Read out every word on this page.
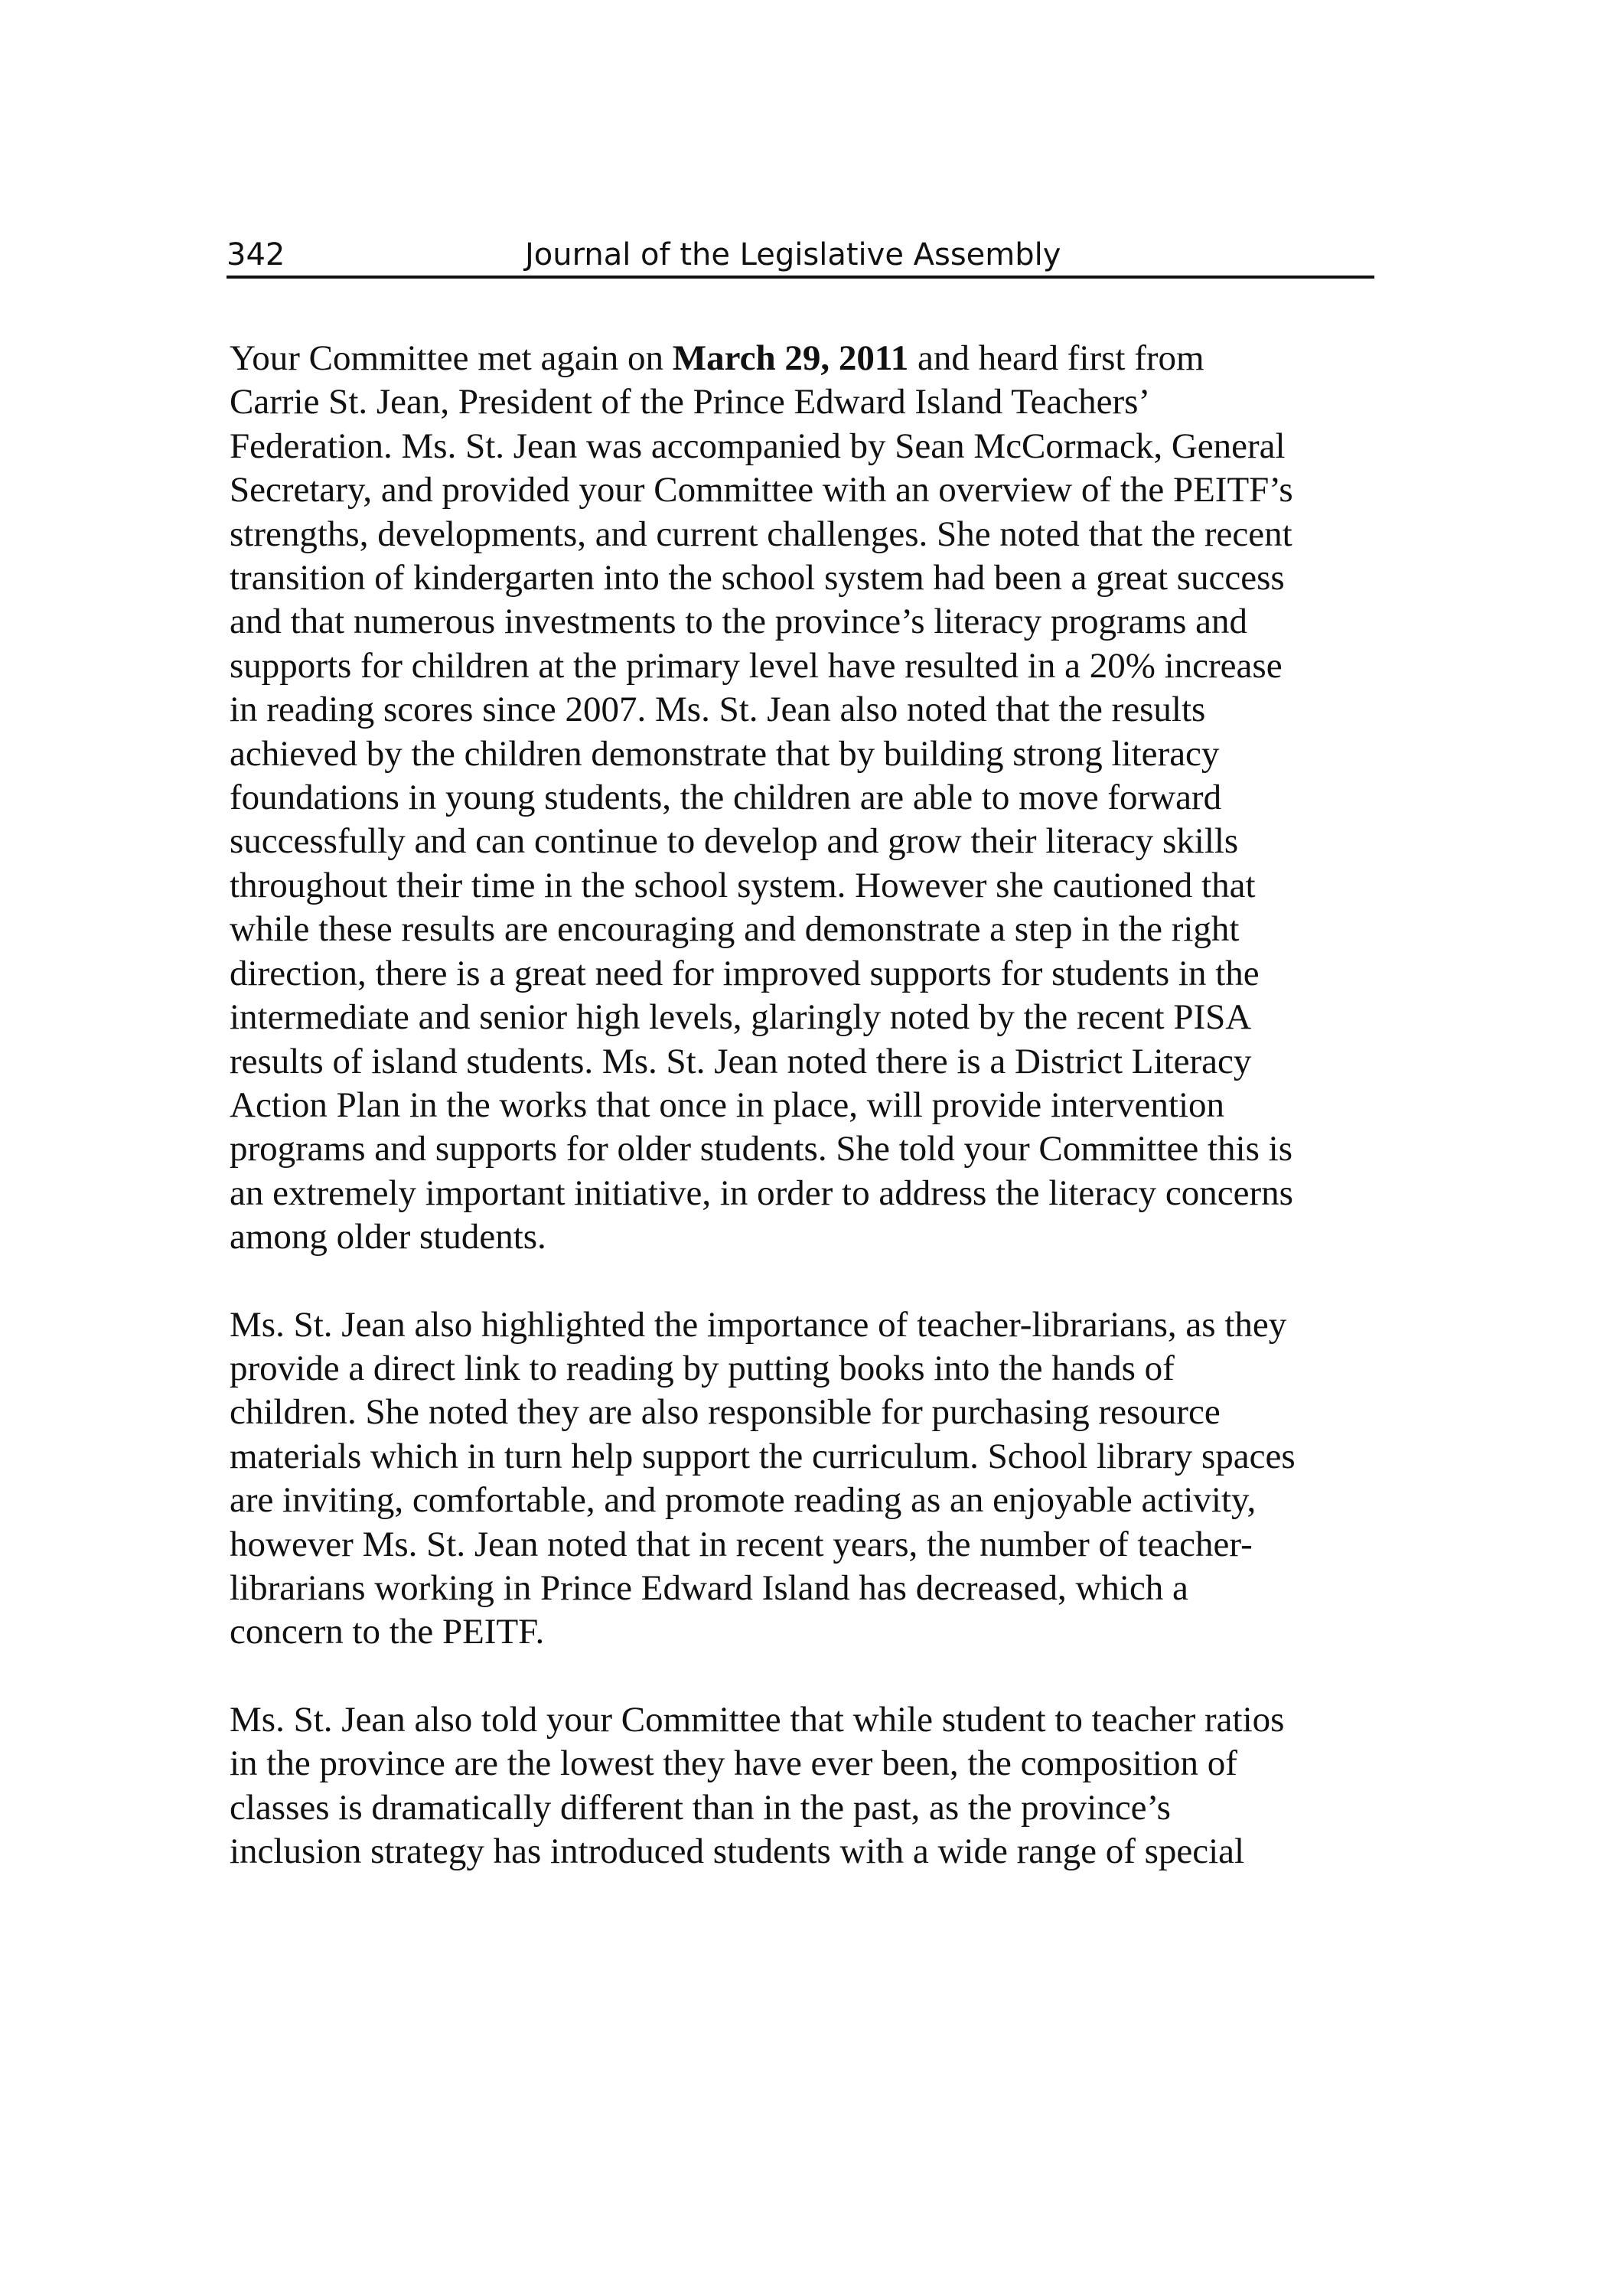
342	Journal of the Legislative Assembly

Your Committee met again on March 29, 2011 and heard first from
Carrie St. Jean, President of the Prince Edward Island Teachers’
Federation. Ms. St. Jean was accompanied by Sean McCormack, General
Secretary, and provided your Committee with an overview of the PEITF’s
strengths, developments, and current challenges. She noted that the recent
transition of kindergarten into the school system had been a great success
and that numerous investments to the province’s literacy programs and
supports for children at the primary level have resulted in a 20% increase
in reading scores since 2007. Ms. St. Jean also noted that the results
achieved by the children demonstrate that by building strong literacy
foundations in young students, the children are able to move forward
successfully and can continue to develop and grow their literacy skills
throughout their time in the school system. However she cautioned that
while these results are encouraging and demonstrate a step in the right
direction, there is a great need for improved supports for students in the
intermediate and senior high levels, glaringly noted by the recent PISA
results of island students. Ms. St. Jean noted there is a District Literacy
Action Plan in the works that once in place, will provide intervention
programs and supports for older students. She told your Committee this is
an extremely important initiative, in order to address the literacy concerns
among older students.

Ms. St. Jean also highlighted the importance of teacher-librarians, as they
provide a direct link to reading by putting books into the hands of
children. She noted they are also responsible for purchasing resource
materials which in turn help support the curriculum. School library spaces
are inviting, comfortable, and promote reading as an enjoyable activity,
however Ms. St. Jean noted that in recent years, the number of teacher-
librarians working in Prince Edward Island has decreased, which a
concern to the PEITF.

Ms. St. Jean also told your Committee that while student to teacher ratios
in the province are the lowest they have ever been, the composition of
classes is dramatically different than in the past, as the province’s
inclusion strategy has introduced students with a wide range of special
